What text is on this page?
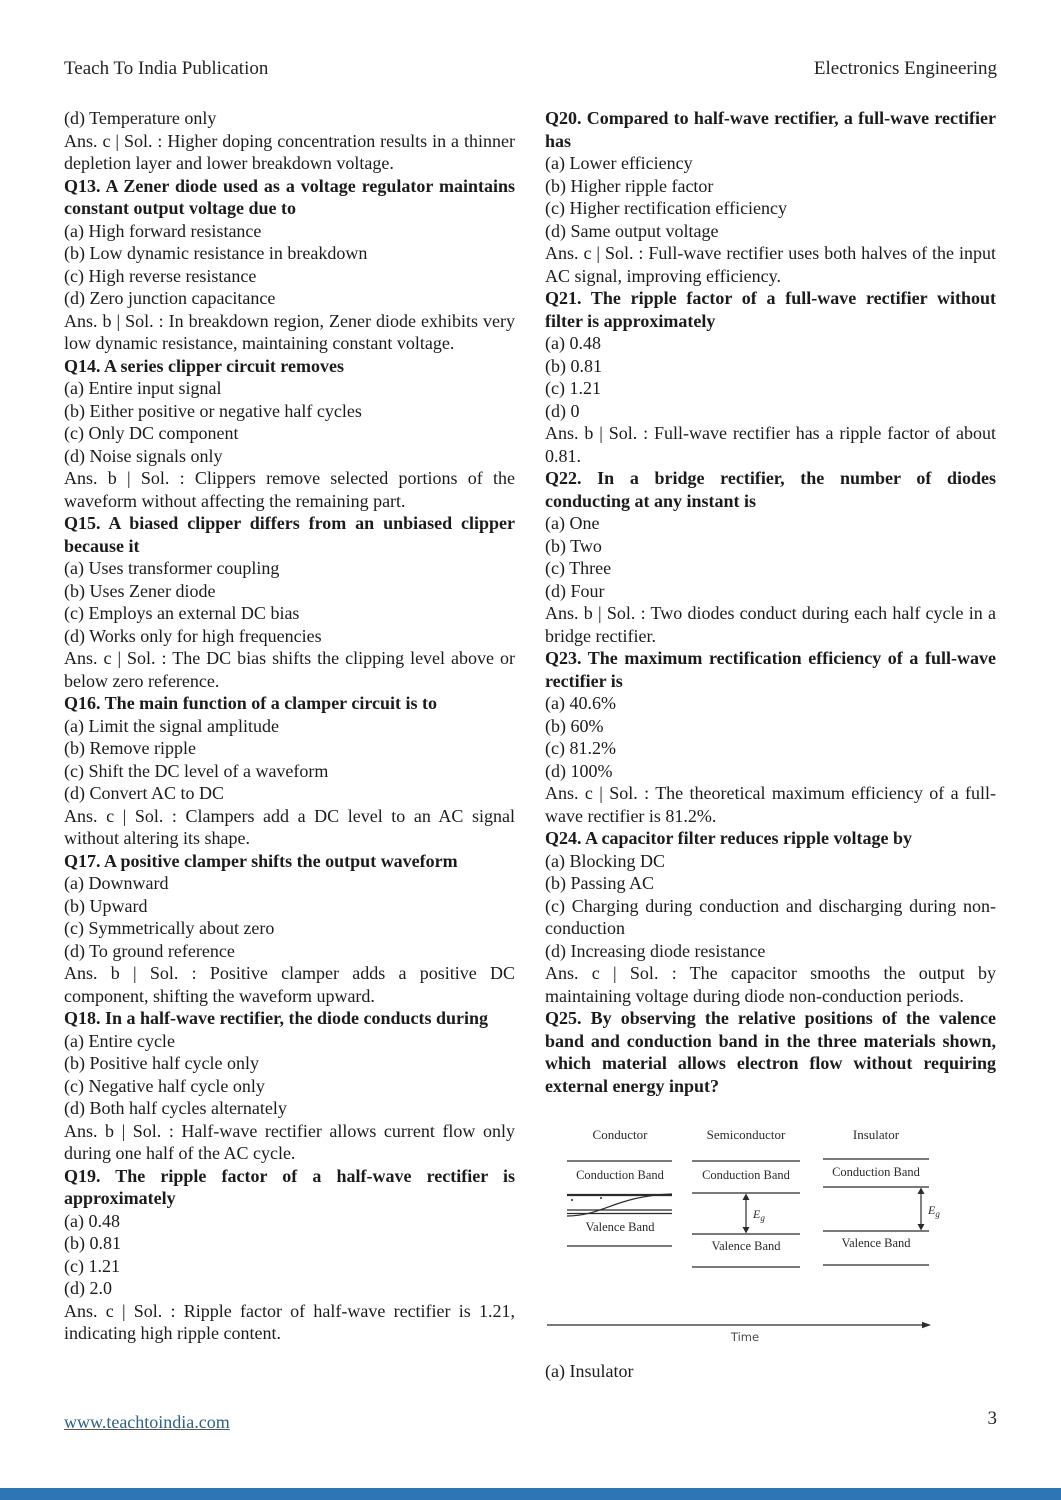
Teach To India Publication	Electronics Engineering

(d) Temperature only

Ans. c | Sol. : Higher doping concentration results in a thinner depletion layer and lower breakdown voltage.

Q13. A Zener diode used as a voltage regulator maintains constant output voltage due to

(a) High forward resistance

(b) Low dynamic resistance in breakdown

(c) High reverse resistance

(d) Zero junction capacitance

Ans. b | Sol. : In breakdown region, Zener diode exhibits very low dynamic resistance, maintaining constant voltage.

Q14. A series clipper circuit removes

(a) Entire input signal

(b) Either positive or negative half cycles

(c) Only DC component

(d) Noise signals only

Ans. b | Sol. : Clippers remove selected portions of the waveform without affecting the remaining part.

Q15. A biased clipper differs from an unbiased clipper because it

(a) Uses transformer coupling

(b) Uses Zener diode

(c) Employs an external DC bias

(d) Works only for high frequencies

Ans. c | Sol. : The DC bias shifts the clipping level above or below zero reference.

Q16. The main function of a clamper circuit is to

(a) Limit the signal amplitude

(b) Remove ripple

(c) Shift the DC level of a waveform

(d) Convert AC to DC

Ans. c | Sol. : Clampers add a DC level to an AC signal without altering its shape.

Q17. A positive clamper shifts the output waveform

(a) Downward

(b) Upward

(c) Symmetrically about zero

(d) To ground reference

Ans. b | Sol. : Positive clamper adds a positive DC component, shifting the waveform upward.

Q18. In a half-wave rectifier, the diode conducts during

(a) Entire cycle

(b) Positive half cycle only

(c) Negative half cycle only

(d) Both half cycles alternately

Ans. b | Sol. : Half-wave rectifier allows current flow only during one half of the AC cycle.

Q19. The ripple factor of a half-wave rectifier is approximately

(a) 0.48

(b) 0.81

(c) 1.21

(d) 2.0

Ans. c | Sol. : Ripple factor of half-wave rectifier is 1.21, indicating high ripple content.

Q20. Compared to half-wave rectifier, a full-wave rectifier has

(a) Lower efficiency

(b) Higher ripple factor

(c) Higher rectification efficiency

(d) Same output voltage

Ans. c | Sol. : Full-wave rectifier uses both halves of the input AC signal, improving efficiency.

Q21. The ripple factor of a full-wave rectifier without filter is approximately

(a) 0.48

(b) 0.81

(c) 1.21

(d) 0

Ans. b | Sol. : Full-wave rectifier has a ripple factor of about 0.81.

Q22. In a bridge rectifier, the number of diodes conducting at any instant is

(a) One

(b) Two

(c) Three

(d) Four

Ans. b | Sol. : Two diodes conduct during each half cycle in a bridge rectifier.

Q23. The maximum rectification efficiency of a full-wave rectifier is

(a) 40.6%

(b) 60%

(c) 81.2%

(d) 100%

Ans. c | Sol. : The theoretical maximum efficiency of a full-wave rectifier is 81.2%.

Q24. A capacitor filter reduces ripple voltage by

(a) Blocking DC

(b) Passing AC

(c) Charging during conduction and discharging during non-conduction

(d) Increasing diode resistance

Ans. c | Sol. : The capacitor smooths the output by maintaining voltage during diode non-conduction periods.

Q25. By observing the relative positions of the valence band and conduction band in the three materials shown, which material allows electron flow without requiring external energy input?

Conductor
Conduction Band
Valence Band
Semiconductor
Conduction Band
$E_g$
Valence Band
Insulator
Conduction Band
$E_g$
Valence Band
Time

(a) Insulator

www.teachtoindia.com	3
